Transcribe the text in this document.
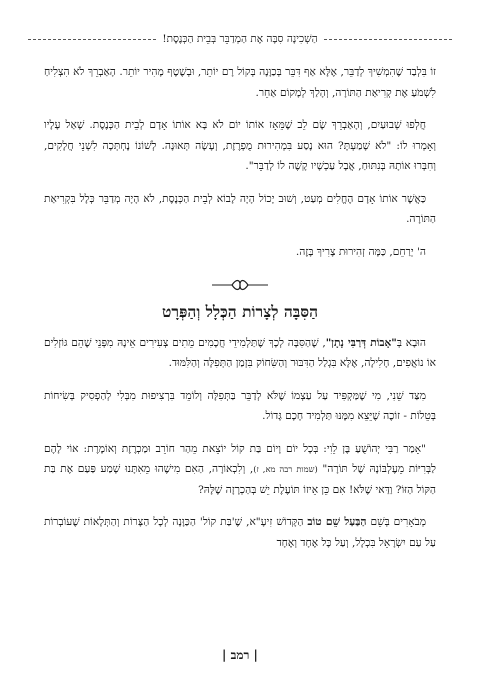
הַשְׁכִינָה סִבָּה אֶת הַמְדַבֵּר בְּבֵית הַכְּנֶסֶת!

זוֹ בִּלְבַד שֶׁהִמְשִׁיךְ לְדַבֵּר, אֶלָּא אַף דִּבֵּר בְּכַוָּנָה בְּקוֹל רָם יוֹתֵר, וּבְשֶׁטֶף מָהִיר יוֹתֵר. הָאַבְרֵךְ לֹא הִצְלִיחַ לִשְׁמֹעַ אֶת קְרִיאַת הַתּוֹרָה, וְהָלַךְ לְמָקוֹם אַחֵר.

חֲלְפוּ שְׁבוּעַיִם, וְהָאַבְרֵךְ שָׂם לֵב שֶׁמֵּאָז אוֹתוֹ יוֹם לֹא בָּא אוֹתוֹ אָדָם לְבֵית הַכְּנֶסֶת. שָׁאַל עָלָיו וְאָמְרוּ לוֹ: "לֹא שָׁמַעְתָּ? הוּא נָסַע בִּמְהִירוּת מֻפְרֶזֶת, וְעָשָׂה תְּאוּנָה. לְשׁוֹנוֹ נֶחְתְּכָה לִשְׁנֵי חֲלָקִים, וְחִבְּרוּ אוֹתָהּ בְּנִתּוּחַ, אֲבָל עַכְשָׁיו קָשֶׁה לוֹ לְדַבֵּר".

כַּאֲשֶׁר אוֹתוֹ אָדָם הֶחֱלִים מְעַט, וְשׁוּב יָכוֹל הָיָה לָבוֹא לְבֵית הַכְּנֶסֶת, לֹא הָיָה מְדַבֵּר כְּלָל בִּקְרִיאַת הַתּוֹרָה.

ה' יְרַחֵם, כַּמָּה זְהִירוּת צָרִיךְ בָּזֶה.

הַסִּבָּה לְצָרוֹת הַכְּלָל וְהַפְּרָט

הוּבָא בְּ"אָבוֹת דְּרַבִּי נָתָן", שֶׁהַסִּבָּה לְכָךְ שֶׁתַּלְמִידֵי חֲכָמִים מֵתִים צְעִירִים אֵינָהּ מִפְּנֵי שֶׁהֵם גּוֹזְלִים אוֹ נוֹאֲפִים, חָלִילָה, אֶלָּא בִּגְלַל הַדִּבּוּר וְהַשִּׂחוֹק בִּזְמַן הַתְּפִלָּה וְהַלִּמּוּד.

מִצַּד שֵׁנִי, מִי שֶׁמַּקְפִּיד עַל עַצְמוֹ שֶׁלֹּא לְדַבֵּר בַּתְּפִלָּה וְלוֹמֵד בִּרְצִיפוּת מִבְּלִי לְהַפְסִיק בְּשִׂיחוֹת בְּטֵלוֹת - זוֹכֶה שֶׁיֵּצֵא מִמֶּנּוּ תַּלְמִיד חָכָם גָּדוֹל.

"אָמַר רַבִּי יְהוֹשֻׁעַ בֶּן לֵוִי: בְּכָל יוֹם וָיוֹם בַּת קוֹל יוֹצֵאת מֵהַר חוֹרֵב וּמַכְרֶזֶת וְאוֹמֶרֶת: אוֹי לָהֶם לַבְּרִיּוֹת מֵעֶלְבּוֹנָהּ שֶׁל תּוֹרָה" (שמות רבה מא, ז), וְלִכְאוֹרָה, הַאִם מִישֶׁהוּ מֵאִתָּנוּ שָׁמַע פַּעַם אֶת בַּת הַקּוֹל הַזּוֹ? וַדַּאי שֶׁלֹּא! אִם כֵּן אֵיזוֹ תּוֹעֶלֶת יֵשׁ בְּהַכְרָזָה שֶׁלָּהּ?

מְבֹאָרִים בְּשֵׁם הַבַּעַל שֵׁם טוֹב הַקָּדוֹשׁ זִיעָ"א, שֶׁ'בַּת קוֹל' הַכַּוָּנָה לְכָל הַצָּרוֹת וְהַתְּלָאוֹת שֶׁעוֹבְרוֹת עַל עַם יִשְׂרָאֵל בִּכְלָל, וְעַל כָּל אֶחָד וְאֶחָד

| רמב |
